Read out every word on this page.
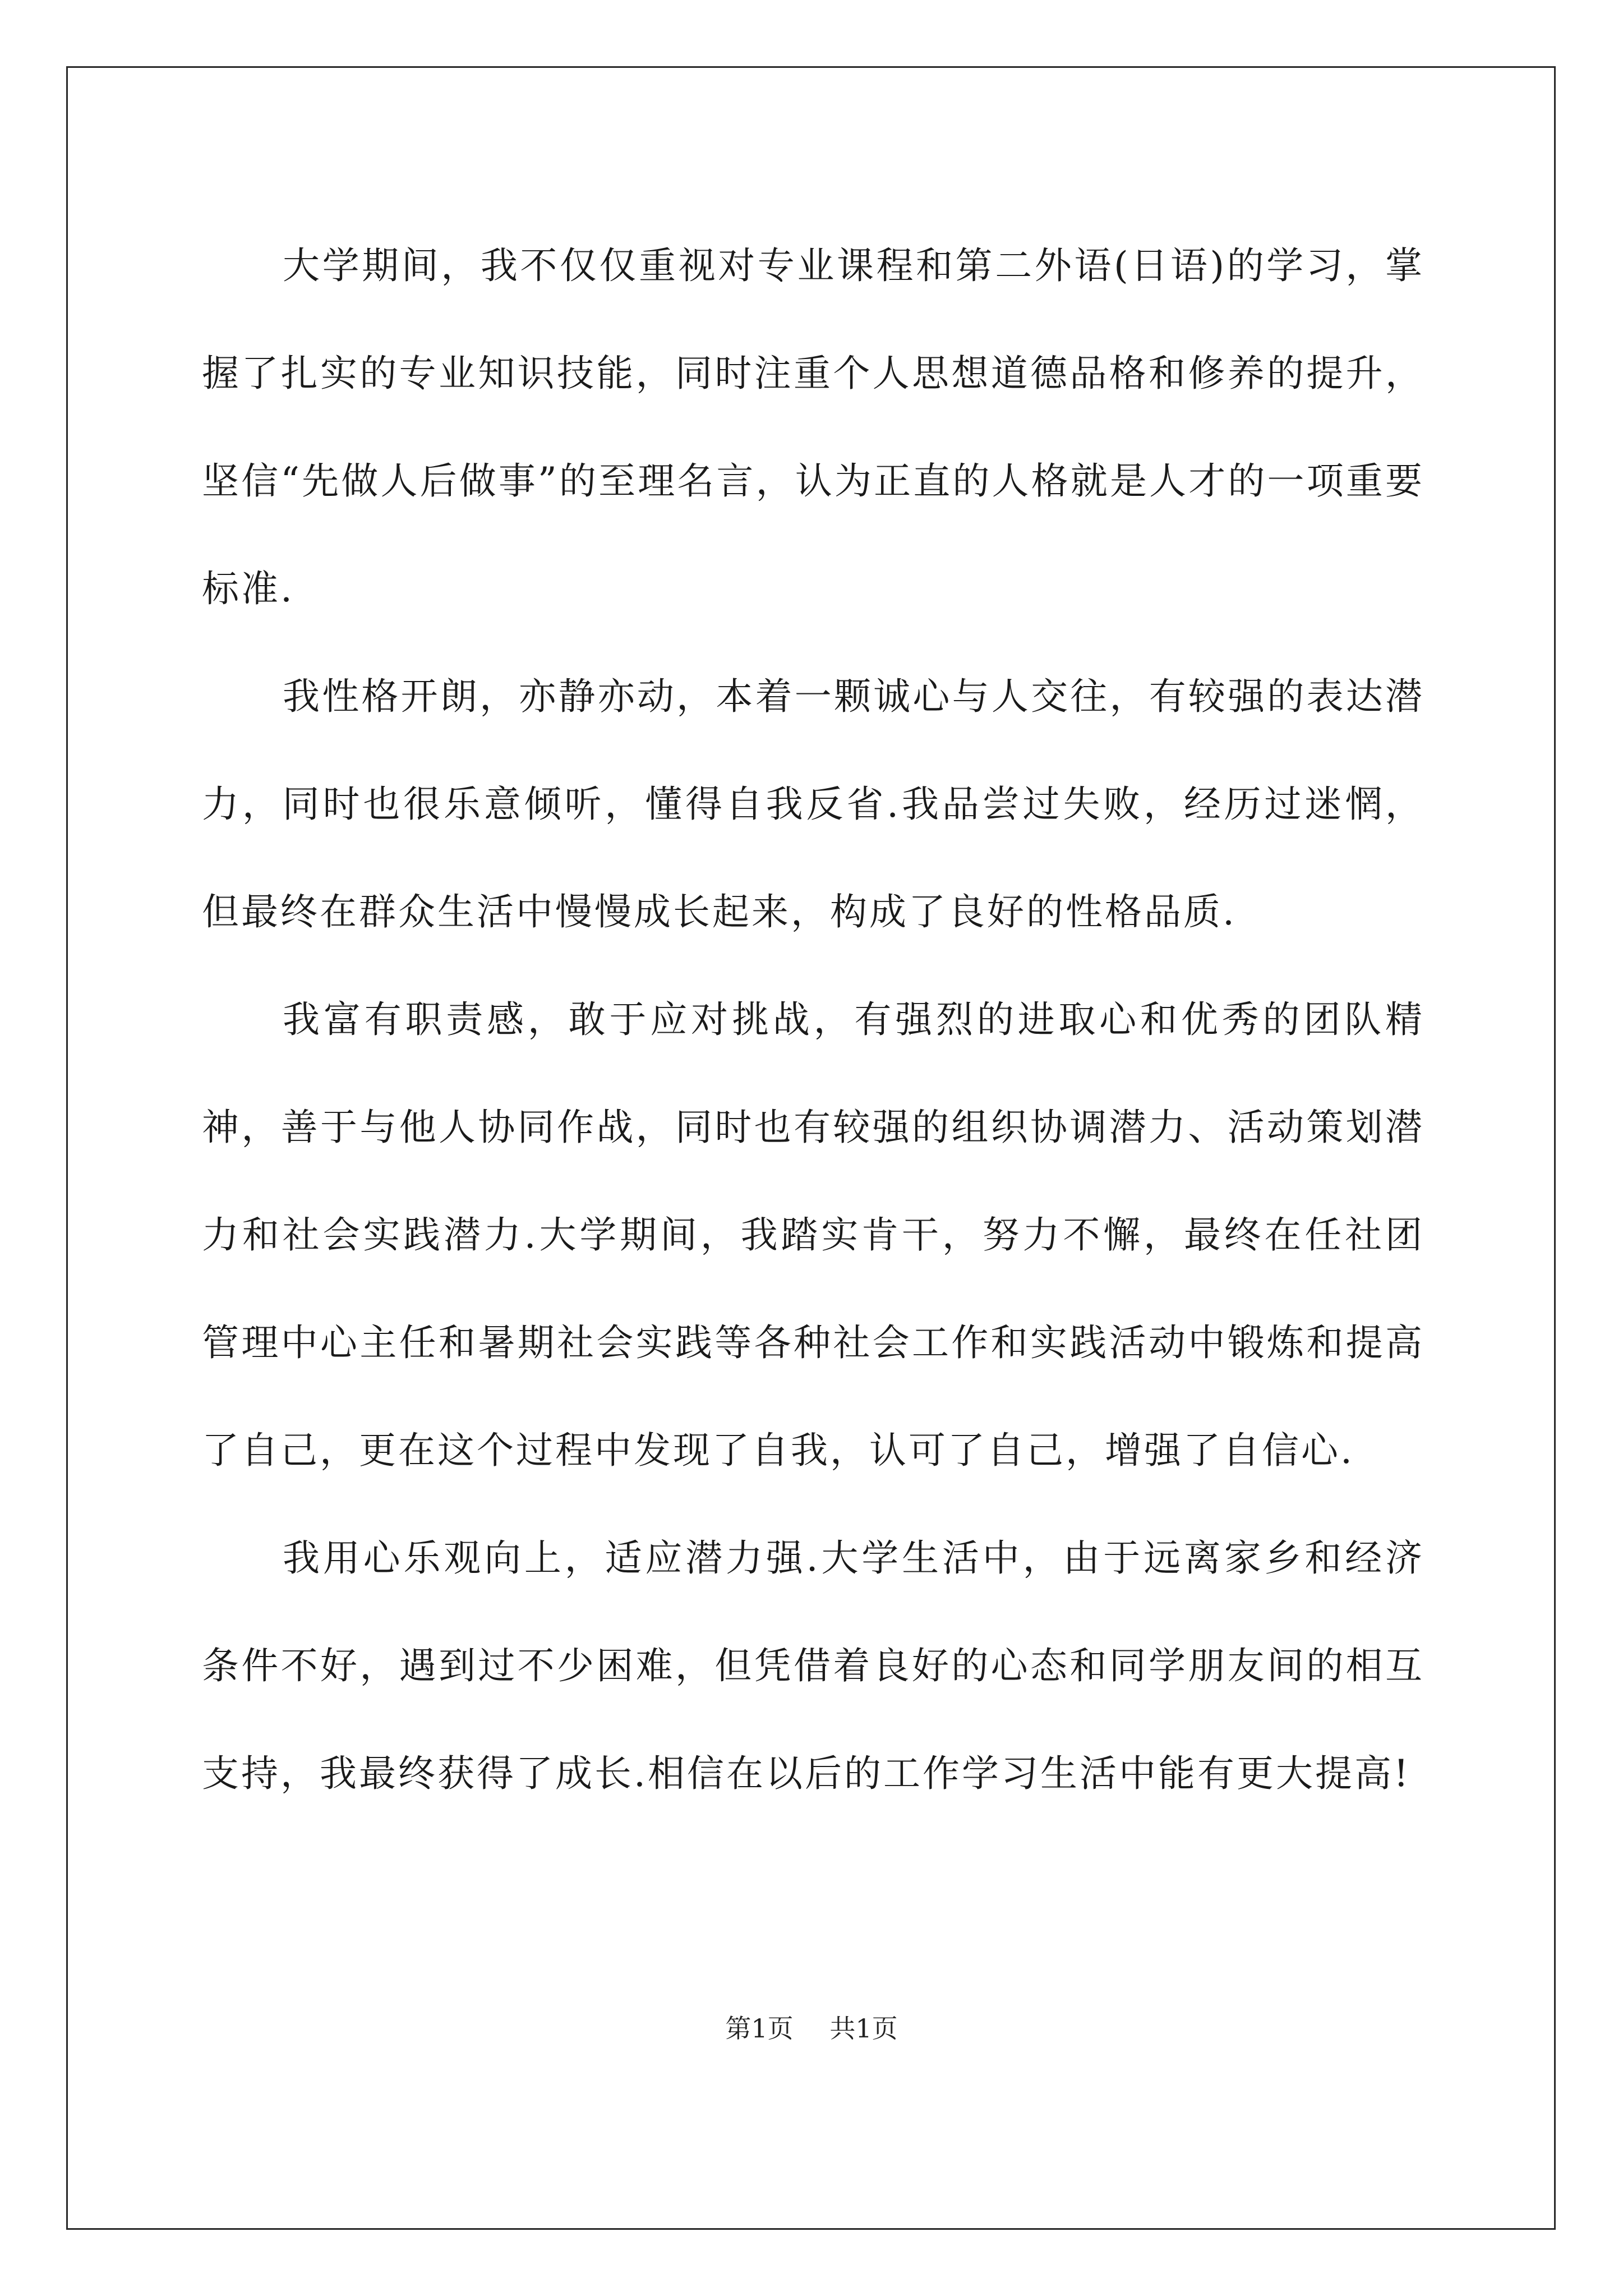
大学期间，我不仅仅重视对专业课程和第二外语(日语)的学习，掌握了扎实的专业知识技能，同时注重个人思想道德品格和修养的提升，坚信“先做人后做事”的至理名言，认为正直的人格就是人才的一项重要标准.

我性格开朗，亦静亦动，本着一颗诚心与人交往，有较强的表达潜力，同时也很乐意倾听，懂得自我反省.我品尝过失败，经历过迷惘，但最终在群众生活中慢慢成长起来，构成了良好的性格品质.

我富有职责感，敢于应对挑战，有强烈的进取心和优秀的团队精神，善于与他人协同作战，同时也有较强的组织协调潜力、活动策划潜力和社会实践潜力.大学期间，我踏实肯干，努力不懈，最终在任社团管理中心主任和暑期社会实践等各种社会工作和实践活动中锻炼和提高了自己，更在这个过程中发现了自我，认可了自己，增强了自信心.

我用心乐观向上，适应潜力强.大学生活中，由于远离家乡和经济条件不好，遇到过不少困难，但凭借着良好的心态和同学朋友间的相互支持，我最终获得了成长.相信在以后的工作学习生活中能有更大提高!

第1页 共1页
